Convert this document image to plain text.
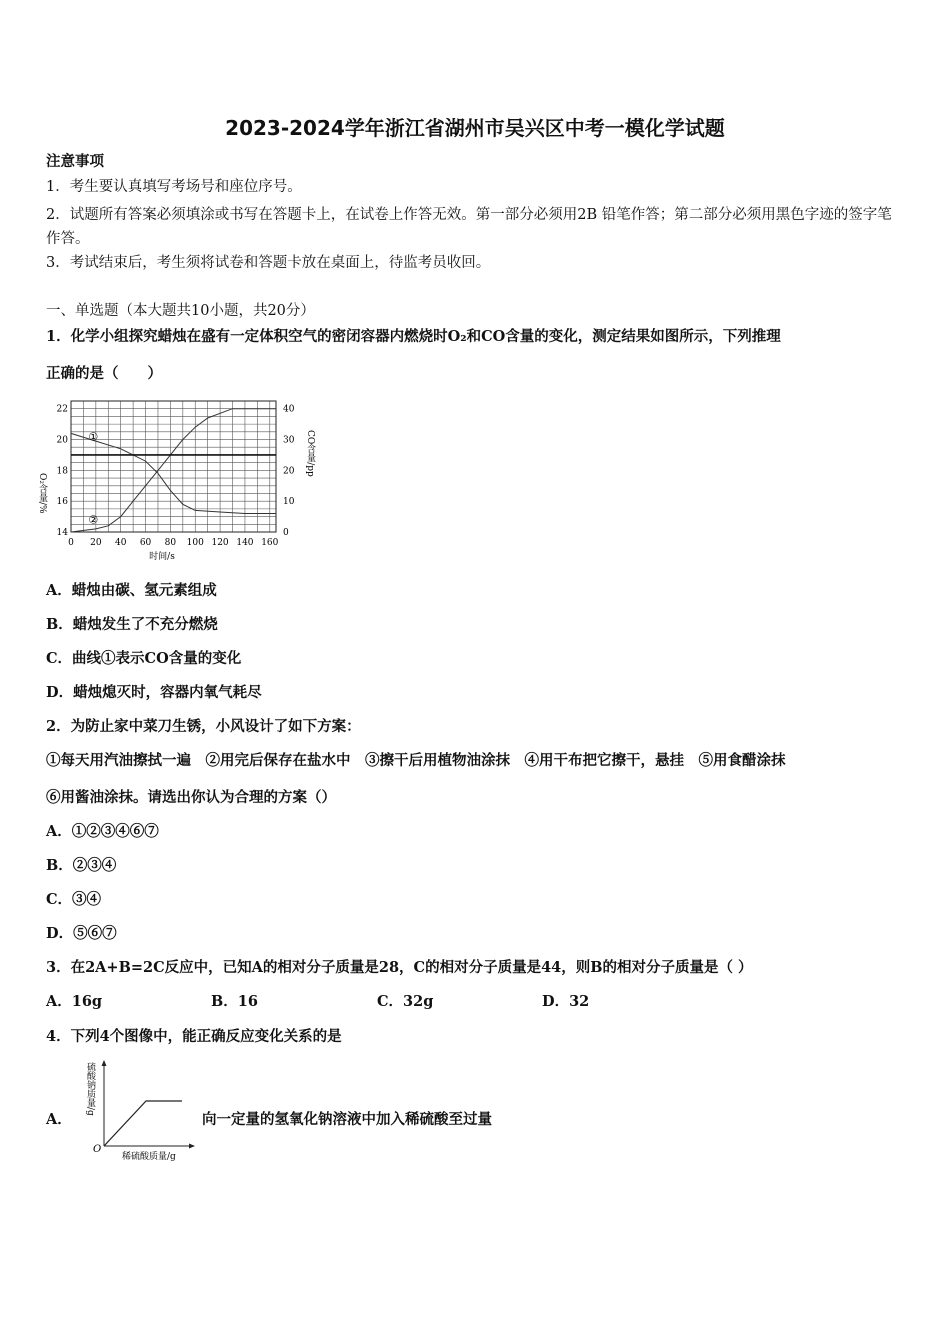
2023-2024学年浙江省湖州市吴兴区中考一模化学试题
注意事项
1．考生要认真填写考场号和座位序号。
2．试题所有答案必须填涂或书写在答题卡上，在试卷上作答无效。第一部分必须用2B 铅笔作答；第二部分必须用黑色字迹的签字笔作答。
3．考试结束后，考生须将试卷和答题卡放在桌面上，待监考员收回。
一、单选题（本大题共10小题，共20分）
1．化学小组探究蜡烛在盛有一定体积空气的密闭容器内燃烧时O₂和CO含量的变化，测定结果如图所示，下列推理
正确的是（　　）
0 20 40 60 80 100 120 140 160
14
16
18
20
22
0
10
20
30
40
①
②
时间/s
O₂含量/%
CO含量/pp
A．蜡烛由碳、氢元素组成
B．蜡烛发生了不充分燃烧
C．曲线①表示CO含量的变化
D．蜡烛熄灭时，容器内氧气耗尽
2．为防止家中菜刀生锈，小风设计了如下方案：
①每天用汽油擦拭一遍　②用完后保存在盐水中　③擦干后用植物油涂抹　④用干布把它擦干，悬挂　⑤用食醋涂抹
⑥用酱油涂抹。请选出你认为合理的方案（）
A．①②③④⑥⑦
B．②③④
C．③④
D．⑤⑥⑦
3．在2A+B=2C反应中，已知A的相对分子质量是28，C的相对分子质量是44，则B的相对分子质量是（ ）
A．16g	B．16	C．32g	D．32
4．下列4个图像中，能正确反应变化关系的是
A．
硫酸钠质量/g
稀硫酸质量/g
O
向一定量的氢氧化钠溶液中加入稀硫酸至过量
